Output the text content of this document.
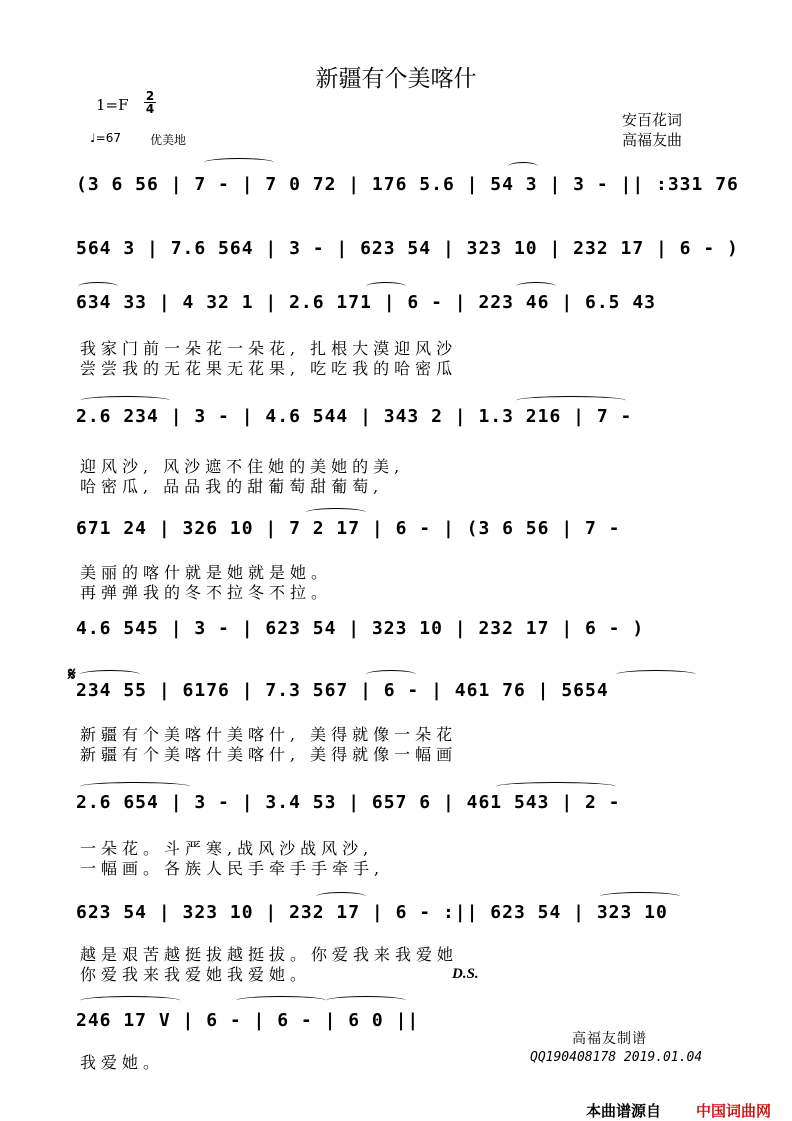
新疆有个美喀什
1=F 2
4
♩=67 优美地
安百花词
高福友曲
(3 6 56 | 7 - | 7 0 72 | 176 5.6 | 54 3 | 3 - || :331 76
564 3 | 7.6 564 | 3 - | 623 54 | 323 10 | 232 17 | 6 - )
634 33 | 4 32 1 | 2.6 171 | 6 - | 223 46 | 6.5 43
我家门前一朵花一朵花, 扎根大漠迎风沙
尝尝我的无花果无花果, 吃吃我的哈密瓜
2.6 234 | 3 - | 4.6 544 | 343 2 | 1.3 216 | 7 -
迎风沙, 风沙遮不住她的美她的美,
哈密瓜, 品品我的甜葡萄甜葡萄,
671 24 | 326 10 | 7 2 17 | 6 - | (3 6 56 | 7 -
美丽的喀什就是她就是她。
再弹弹我的冬不拉冬不拉。
4.6 545 | 3 - | 623 54 | 323 10 | 232 17 | 6 - )
𝄋
234 55 | 6176 | 7.3 567 | 6 - | 461 76 | 5654
新疆有个美喀什美喀什, 美得就像一朵花
新疆有个美喀什美喀什, 美得就像一幅画
2.6 654 | 3 - | 3.4 53 | 657 6 | 461 543 | 2 -
一朵花。斗严寒,战风沙战风沙,
一幅画。各族人民手牵手手牵手,
623 54 | 323 10 | 232 17 | 6 - :|| 623 54 | 323 10
越是艰苦越挺拔越挺拔。你爱我来我爱她
你爱我来我爱她我爱她。	D.S.
246 17 V | 6 - | 6 - | 6 0 ||
我爱她。
高福友制谱
QQ190408178 2019.01.04
本曲谱源自 中国词曲网
